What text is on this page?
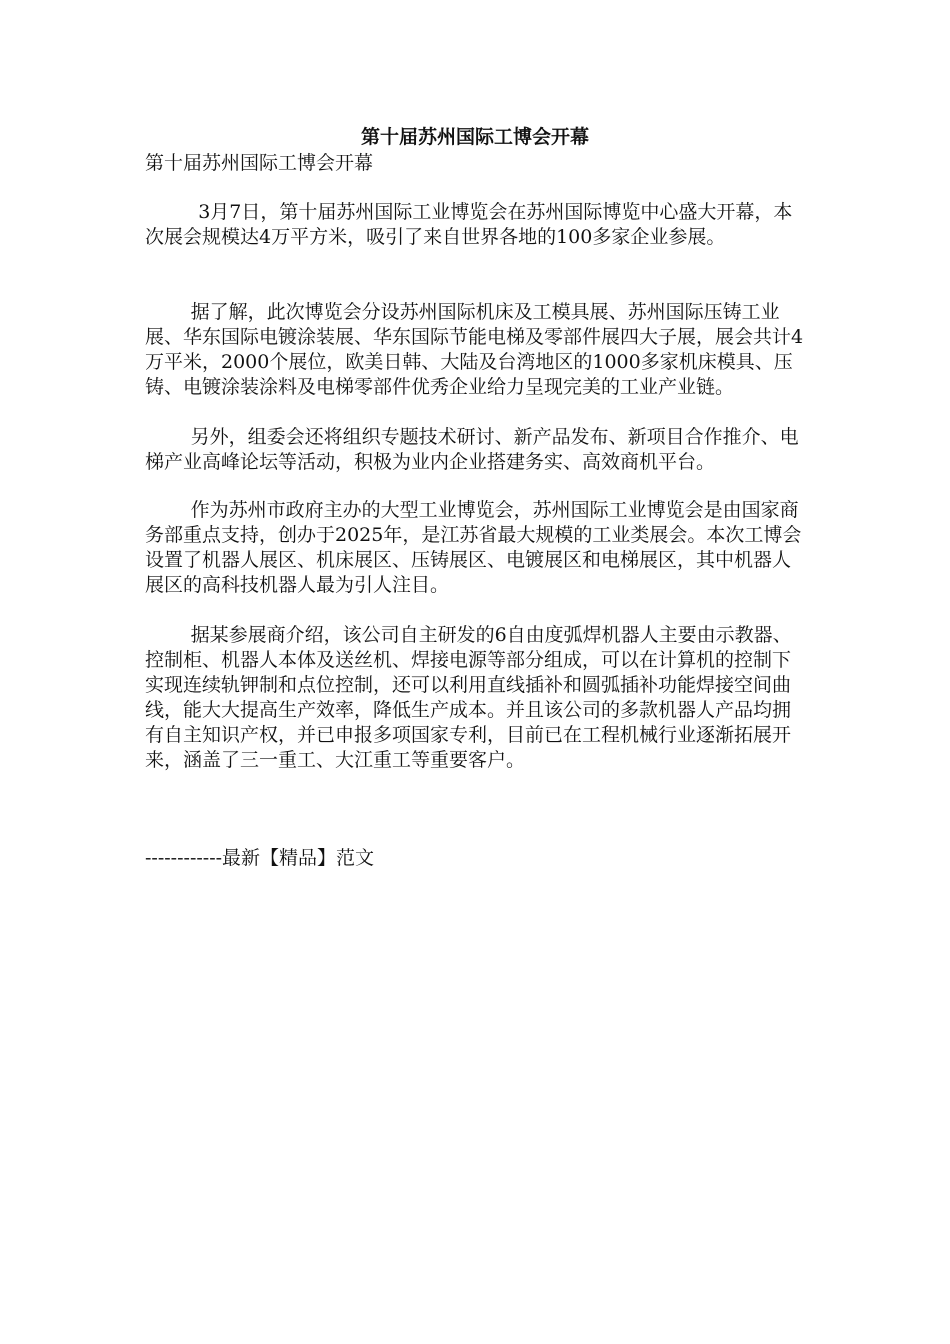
第十届苏州国际工博会开幕

第十届苏州国际工博会开幕

3月7日，第十届苏州国际工业博览会在苏州国际博览中心盛大开幕，本次展会规模达4万平方米，吸引了来自世界各地的100多家企业参展。

据了解，此次博览会分设苏州国际机床及工模具展、苏州国际压铸工业展、华东国际电镀涂装展、华东国际节能电梯及零部件展四大子展，展会共计4万平米，2000个展位，欧美日韩、大陆及台湾地区的1000多家机床模具、压铸、电镀涂装涂料及电梯零部件优秀企业给力呈现完美的工业产业链。

另外，组委会还将组织专题技术研讨、新产品发布、新项目合作推介、电梯产业高峰论坛等活动，积极为业内企业搭建务实、高效商机平台。

作为苏州市政府主办的大型工业博览会，苏州国际工业博览会是由国家商务部重点支持，创办于2025年，是江苏省最大规模的工业类展会。本次工博会设置了机器人展区、机床展区、压铸展区、电镀展区和电梯展区，其中机器人展区的高科技机器人最为引人注目。

据某参展商介绍，该公司自主研发的6自由度弧焊机器人主要由示教器、控制柜、机器人本体及送丝机、焊接电源等部分组成，可以在计算机的控制下实现连续轨钾制和点位控制，还可以利用直线插补和圆弧插补功能焊接空间曲线，能大大提高生产效率，降低生产成本。并且该公司的多款机器人产品均拥有自主知识产权，并已申报多项国家专利，目前已在工程机械行业逐渐拓展开来，涵盖了三一重工、大江重工等重要客户。

------------最新【精品】范文
